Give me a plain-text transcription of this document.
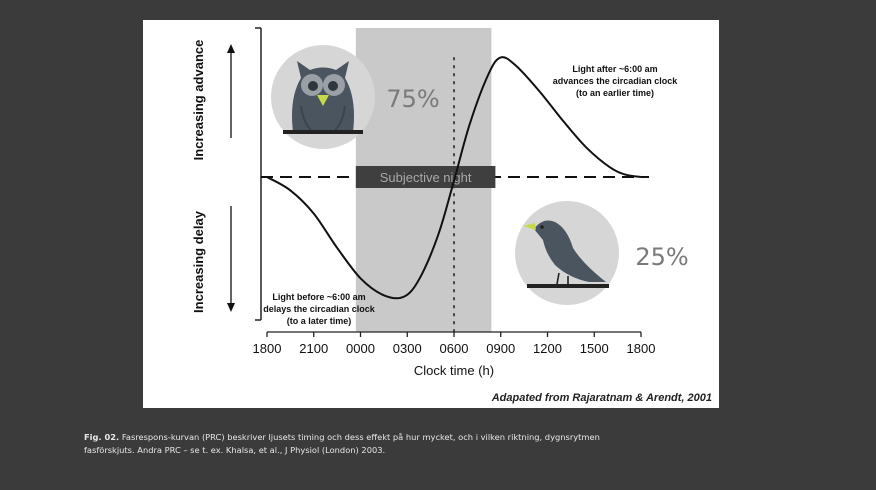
Increasing advance
Increasing delay
Subjective night
1800 2100 0000 0300 0600 0900 1200 1500 1800
Clock time (h)
Light after ~6:00 am
advances the circadian clock
(to an earlier time)
Light before ~6:00 am
delays the circadian clock
(to a later time)
75%
25%
Adapated from Rajaratnam & Arendt, 2001
Fig. 02. Fasrespons-kurvan (PRC) beskriver ljusets timing och dess effekt på hur mycket, och i vilken riktning, dygnsrytmen fasförskjuts. Andra PRC – se t. ex. Khalsa, et al., J Physiol (London) 2003.
